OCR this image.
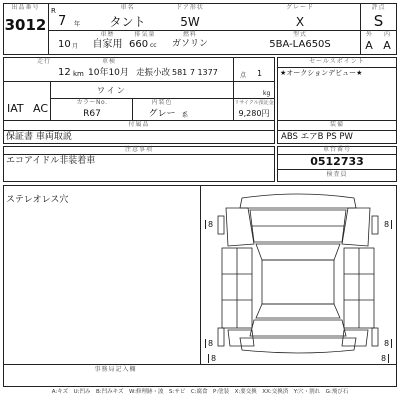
出品番号
3012
R
7 年
車名
タント
ドア形状
5W
グレード
X
評点
S
10 月
車歴
自家用
排気量
660 cc
燃料
ガソリン
型式
5BA-LA650S
外
A
内
A
走行	車検
12 km 10年10月 走振小改 581 7 1377	点 1
kg
ワイン
IAT AC	カラーNo.
R67
内装色
グレー	系
リサイクル預託金
9,280円
付属品
保証書 車両取説
セールスポイント
★オークションデビュー★
装備
ABS エアB PS PW
注意事項
エコアイドル非装着車
車台番号
0512733
検査員
ステレオレス穴
8	8
8	8
8	8
事務局記入欄
A:キズ　U:凹み　B:凹みキズ　W:修理跡・波　S:サビ　C:腐食　P:塗装　X:要交換　XX:交換済　Y:穴・割れ　G:飛び石
